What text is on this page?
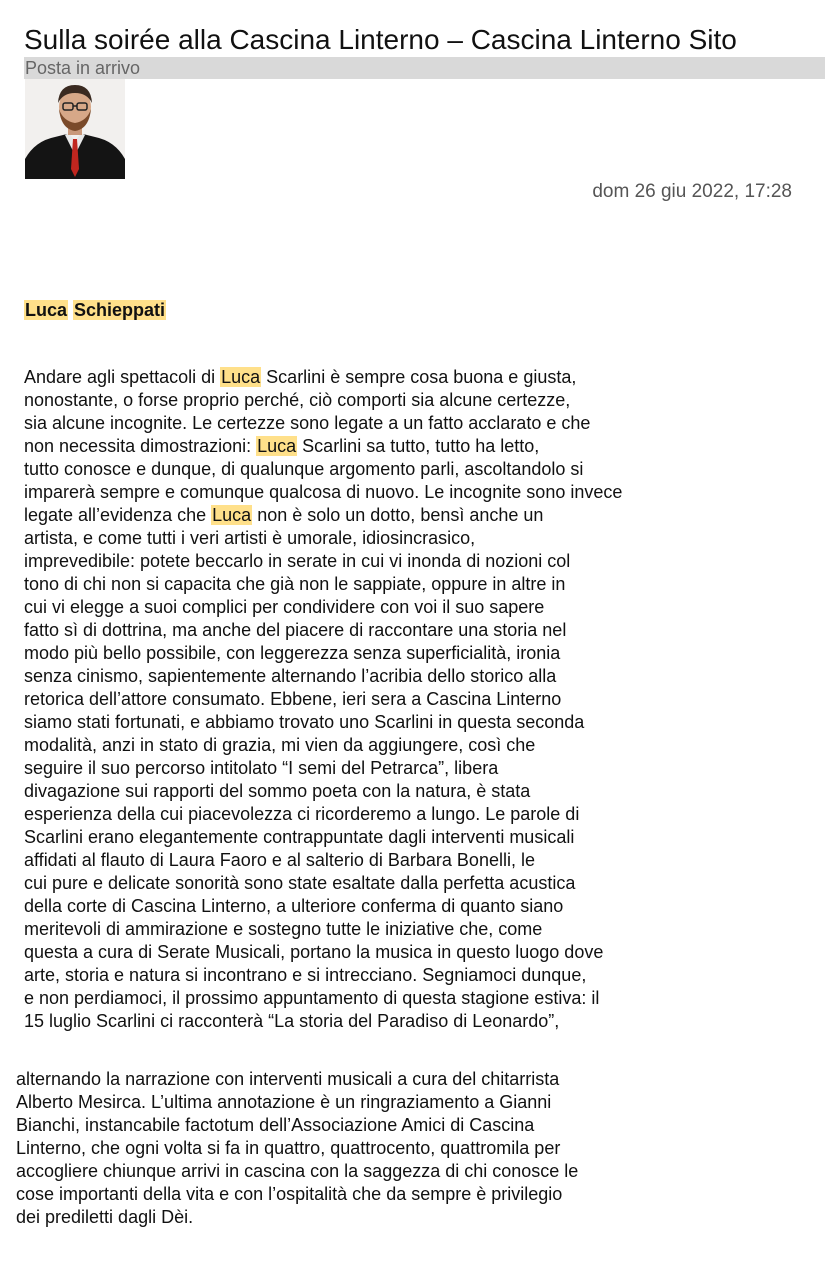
Sulla soirée alla Cascina Linterno – Cascina Linterno Sito
Posta in arrivo
dom 26 giu 2022, 17:28
Luca Schieppati
Andare agli spettacoli di Luca Scarlini è sempre cosa buona e giusta,
nonostante, o forse proprio perché, ciò comporti sia alcune certezze,
sia alcune incognite. Le certezze sono legate a un fatto acclarato e che
non necessita dimostrazioni: Luca Scarlini sa tutto, tutto ha letto,
tutto conosce e dunque, di qualunque argomento parli, ascoltandolo si
imparerà sempre e comunque qualcosa di nuovo. Le incognite sono invece
legate all’evidenza che Luca non è solo un dotto, bensì anche un
artista, e come tutti i veri artisti è umorale, idiosincrasico,
imprevedibile: potete beccarlo in serate in cui vi inonda di nozioni col
tono di chi non si capacita che già non le sappiate, oppure in altre in
cui vi elegge a suoi complici per condividere con voi il suo sapere
fatto sì di dottrina, ma anche del piacere di raccontare una storia nel
modo più bello possibile, con leggerezza senza superficialità, ironia
senza cinismo, sapientemente alternando l’acribia dello storico alla
retorica dell’attore consumato. Ebbene, ieri sera a Cascina Linterno
siamo stati fortunati, e abbiamo trovato uno Scarlini in questa seconda
modalità, anzi in stato di grazia, mi vien da aggiungere, così che
seguire il suo percorso intitolato “I semi del Petrarca”, libera
divagazione sui rapporti del sommo poeta con la natura, è stata
esperienza della cui piacevolezza ci ricorderemo a lungo. Le parole di
Scarlini erano elegantemente contrappuntate dagli interventi musicali
affidati al flauto di Laura Faoro e al salterio di Barbara Bonelli, le
cui pure e delicate sonorità sono state esaltate dalla perfetta acustica
della corte di Cascina Linterno, a ulteriore conferma di quanto siano
meritevoli di ammirazione e sostegno tutte le iniziative che, come
questa a cura di Serate Musicali, portano la musica in questo luogo dove
arte, storia e natura si incontrano e si intrecciano. Segniamoci dunque,
e non perdiamoci, il prossimo appuntamento di questa stagione estiva: il
15 luglio Scarlini ci racconterà “La storia del Paradiso di Leonardo”,
alternando la narrazione con interventi musicali a cura del chitarrista
Alberto Mesirca. L’ultima annotazione è un ringraziamento a Gianni
Bianchi, instancabile factotum dell’Associazione Amici di Cascina
Linterno, che ogni volta si fa in quattro, quattrocento, quattromila per
accogliere chiunque arrivi in cascina con la saggezza di chi conosce le
cose importanti della vita e con l’ospitalità che da sempre è privilegio
dei prediletti dagli Dèi.
